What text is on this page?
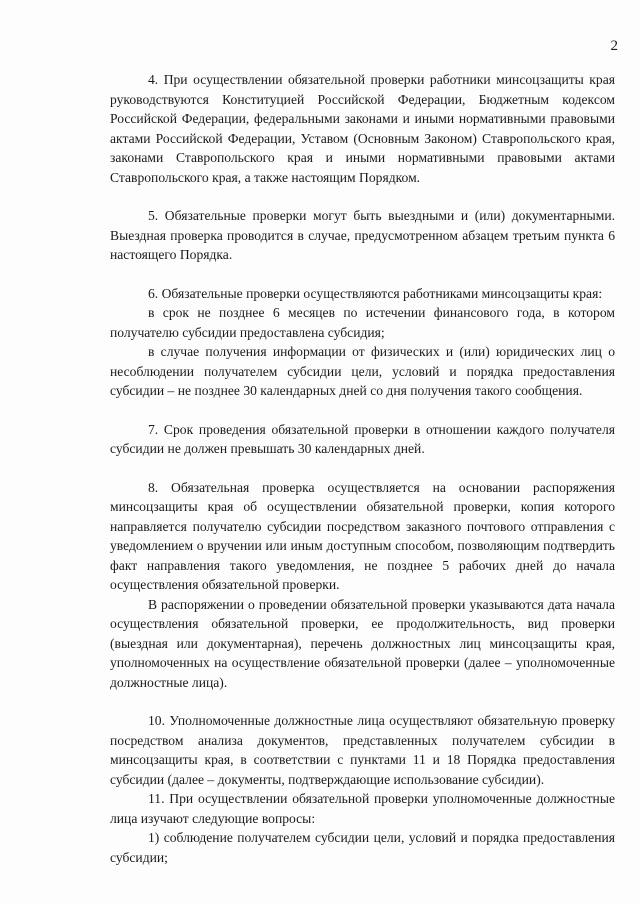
2

4. При осуществлении обязательной проверки работники минсоцзащиты края руководствуются Конституцией Российской Федерации, Бюджетным кодексом Российской Федерации, федеральными законами и иными нормативными правовыми актами Российской Федерации, Уставом (Основным Законом) Ставропольского края, законами Ставропольского края и иными нормативными правовыми актами Ставропольского края, а также настоящим Порядком.

5. Обязательные проверки могут быть выездными и (или) документарными. Выездная проверка проводится в случае, предусмотренном абзацем третьим пункта 6 настоящего Порядка.

6. Обязательные проверки осуществляются работниками минсоцзащиты края:

в срок не позднее 6 месяцев по истечении финансового года, в котором получателю субсидии предоставлена субсидия;

в случае получения информации от физических и (или) юридических лиц о несоблюдении получателем субсидии цели, условий и порядка предоставления субсидии – не позднее 30 календарных дней со дня получения такого сообщения.

7. Срок проведения обязательной проверки в отношении каждого получателя субсидии не должен превышать 30 календарных дней.

8. Обязательная проверка осуществляется на основании распоряжения минсоцзащиты края об осуществлении обязательной проверки, копия которого направляется получателю субсидии посредством заказного почтового отправления с уведомлением о вручении или иным доступным способом, позволяющим подтвердить факт направления такого уведомления, не позднее 5 рабочих дней до начала осуществления обязательной проверки.

В распоряжении о проведении обязательной проверки указываются дата начала осуществления обязательной проверки, ее продолжительность, вид проверки (выездная или документарная), перечень должностных лиц минсоцзащиты края, уполномоченных на осуществление обязательной проверки (далее – уполномоченные должностные лица).

10. Уполномоченные должностные лица осуществляют обязательную проверку посредством анализа документов, представленных получателем субсидии в минсоцзащиты края, в соответствии с пунктами 11 и 18 Порядка предоставления субсидии (далее – документы, подтверждающие использование субсидии).

11. При осуществлении обязательной проверки уполномоченные должностные лица изучают следующие вопросы:

1) соблюдение получателем субсидии цели, условий и порядка предоставления субсидии;
